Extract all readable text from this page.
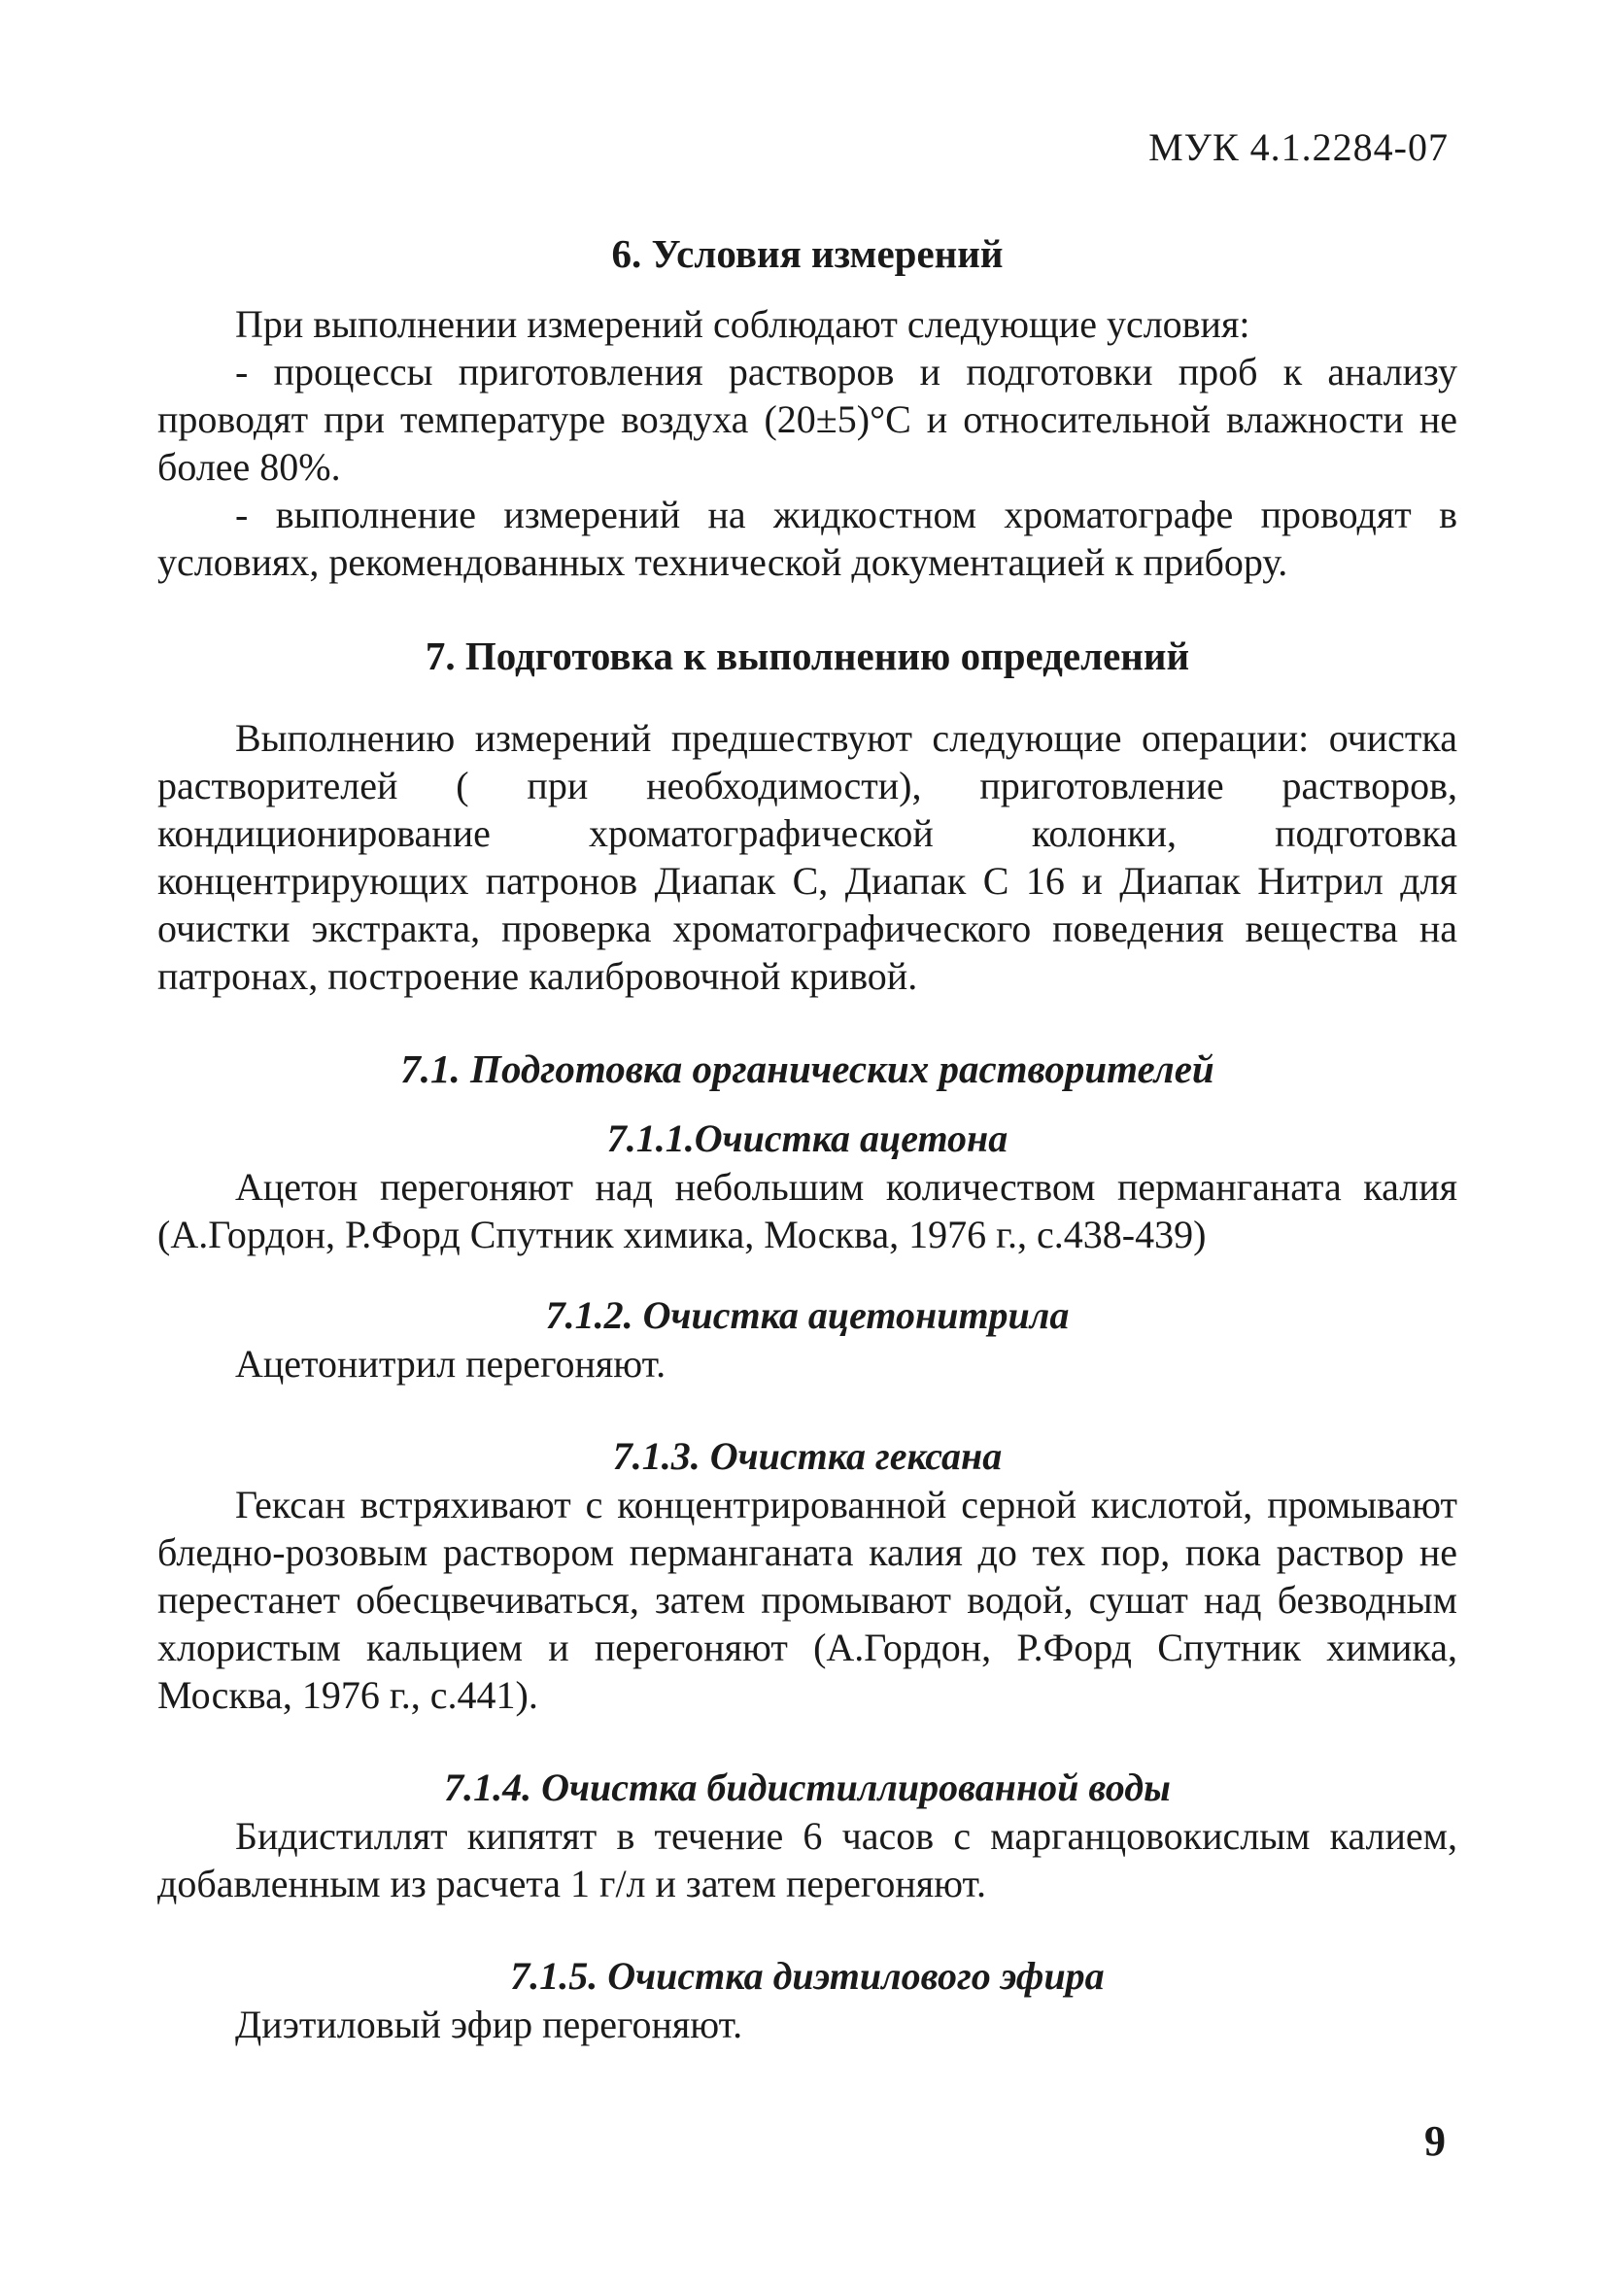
МУК 4.1.2284-07
6. Условия измерений

При выполнении измерений соблюдают следующие условия:

- процессы приготовления растворов и подготовки проб к анализу проводят при температуре воздуха (20±5)°С и относительной влажности не более 80%.

- выполнение измерений на жидкостном хроматографе проводят в условиях, рекомендованных технической документацией к прибору.

7. Подготовка к выполнению определений

Выполнению измерений предшествуют следующие операции: очистка растворителей ( при необходимости), приготовление растворов, кондиционирование хроматографической колонки, подготовка концентрирующих патронов Диапак С, Диапак С 16 и Диапак Нитрил для очистки экстракта, проверка хроматографического поведения вещества на патронах, построение калибровочной кривой.

7.1. Подготовка органических растворителей
7.1.1.Очистка ацетона

Ацетон перегоняют над небольшим количеством перманганата калия (А.Гордон, Р.Форд Спутник химика, Москва, 1976 г., с.438-439)

7.1.2. Очистка ацетонитрила

Ацетонитрил перегоняют.

7.1.3. Очистка гексана

Гексан встряхивают с концентрированной серной кислотой, промывают бледно-розовым раствором перманганата калия до тех пор, пока раствор не перестанет обесцвечиваться, затем промывают водой, сушат над безводным хлористым кальцием и перегоняют (А.Гордон, Р.Форд Спутник химика, Москва, 1976 г., с.441).

7.1.4. Очистка бидистиллированной воды

Бидистиллят кипятят в течение 6 часов с марганцовокислым калием, добавленным из расчета 1 г/л и затем перегоняют.

7.1.5. Очистка диэтилового эфира

Диэтиловый эфир перегоняют.

9
